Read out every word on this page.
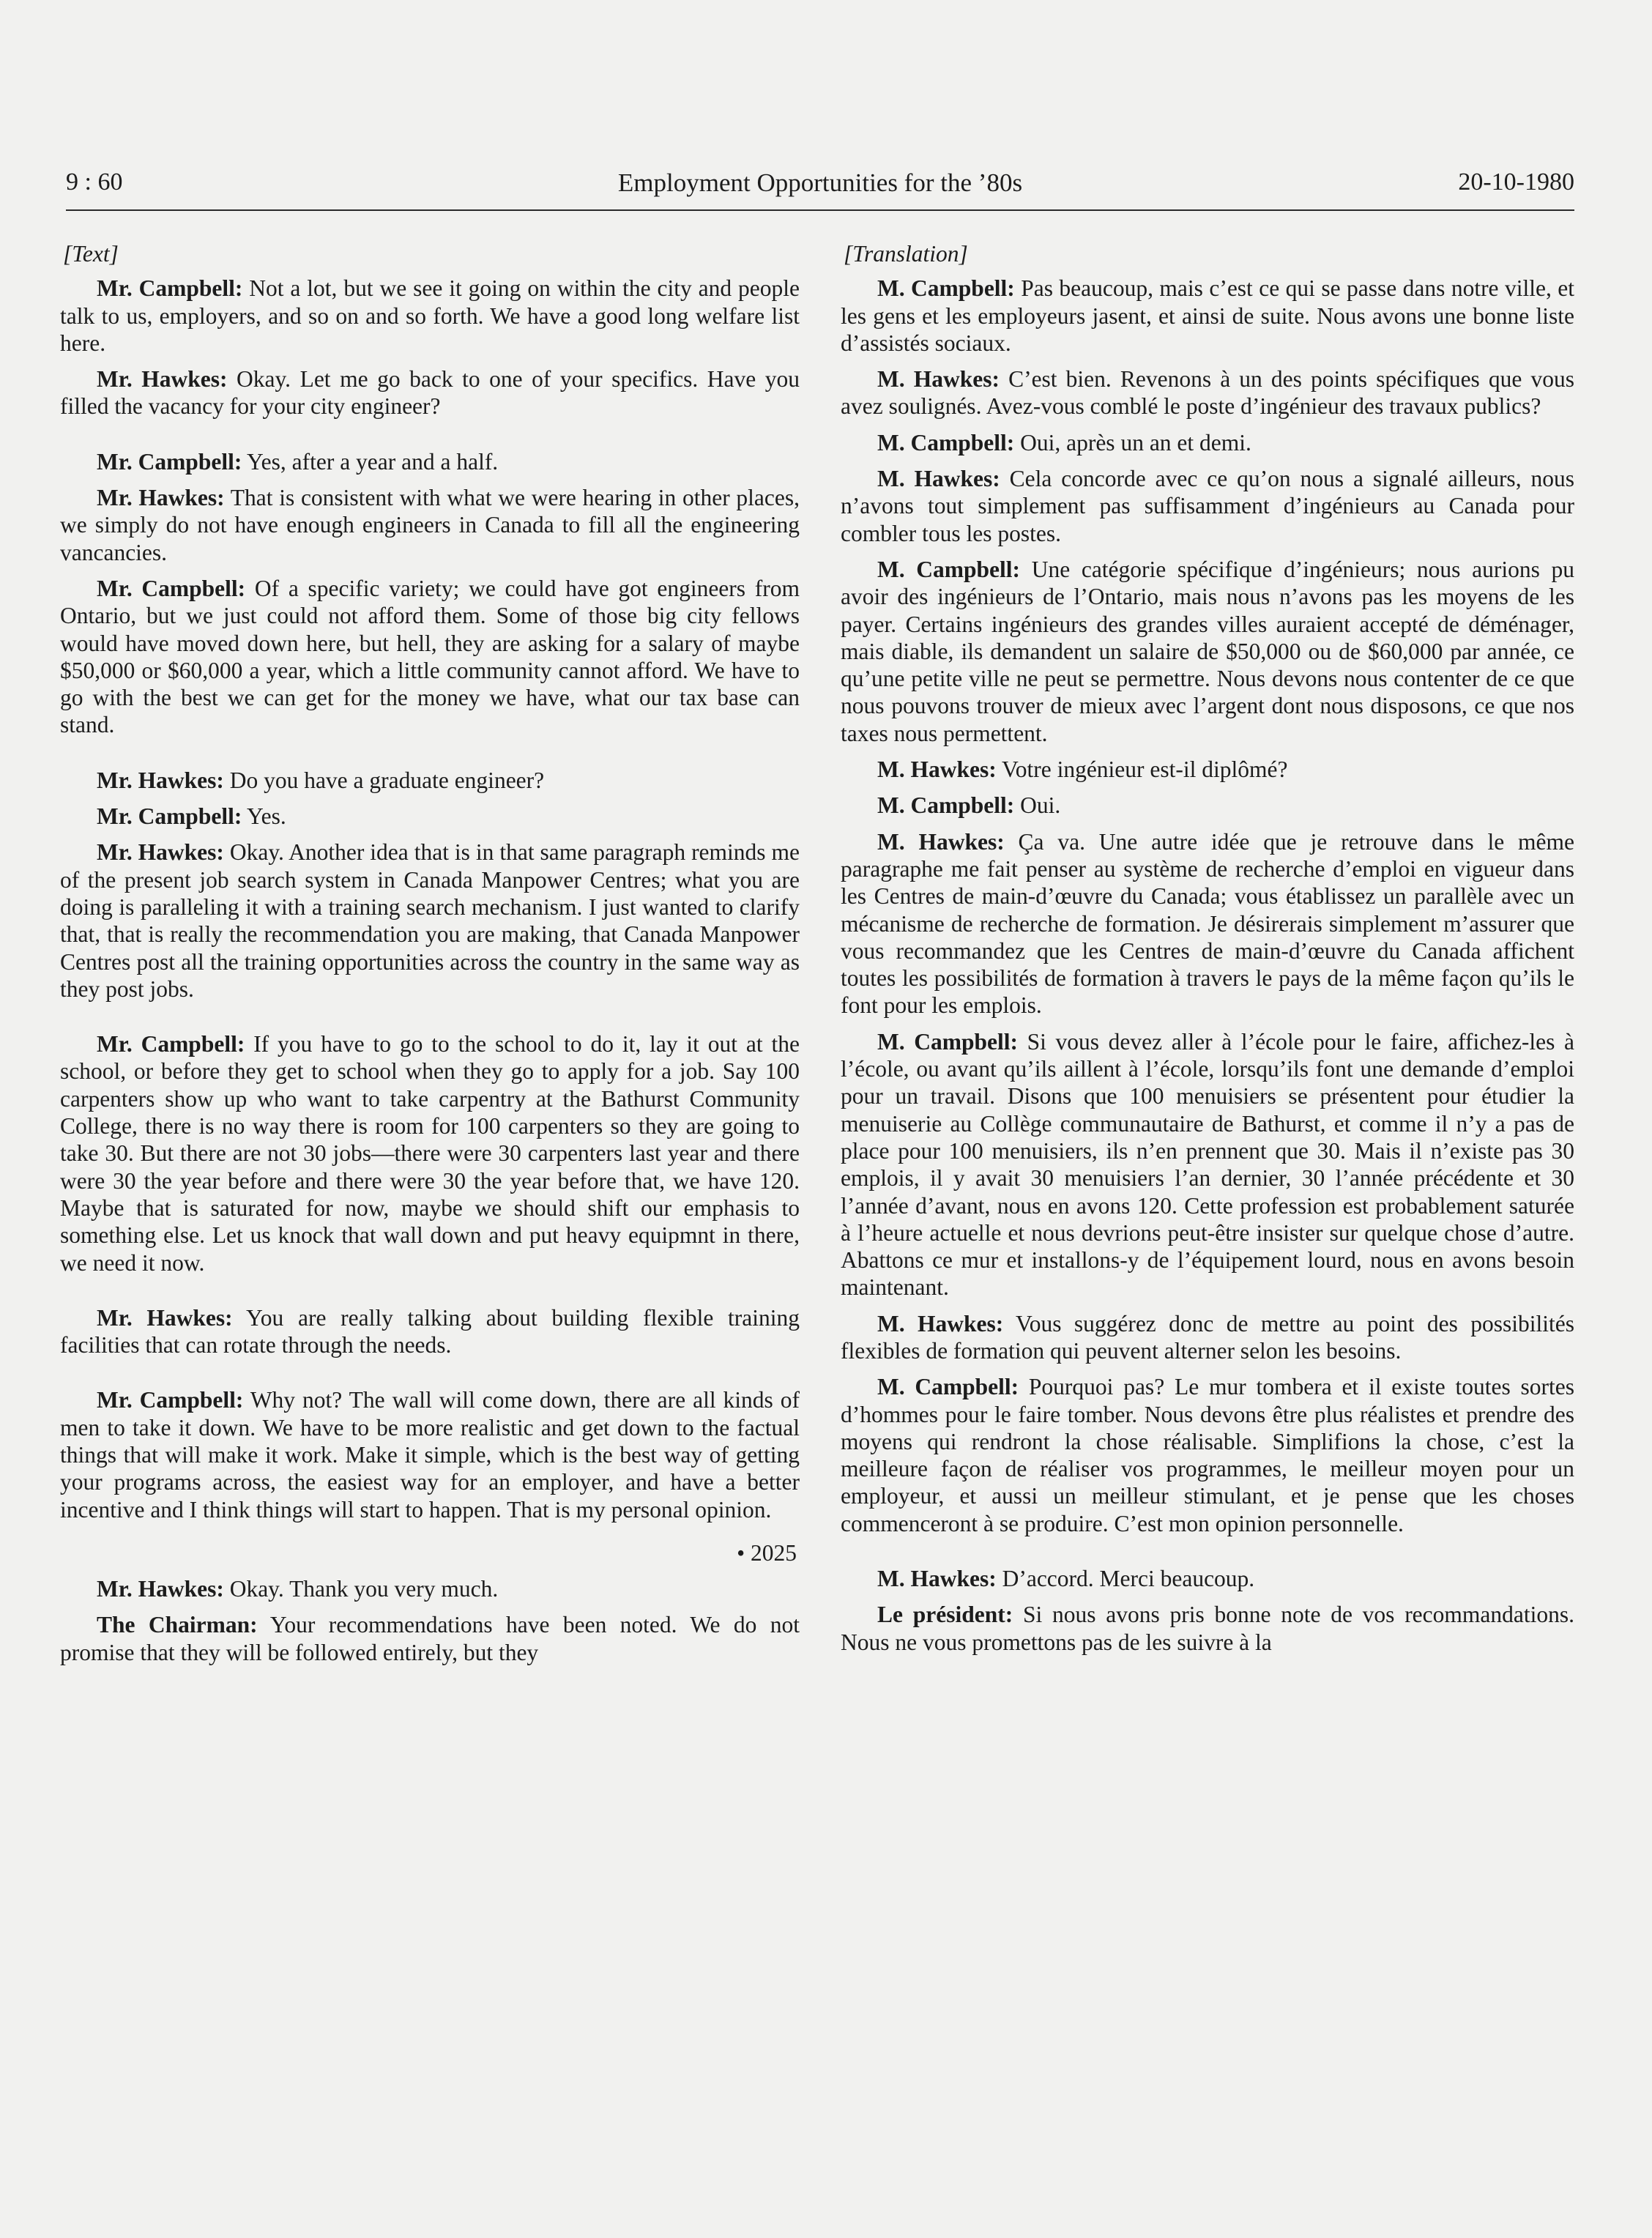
9 : 60	Employment Opportunities for the ’80s	20-10-1980
[Text]

Mr. Campbell: Not a lot, but we see it going on within the city and people talk to us, employers, and so on and so forth. We have a good long welfare list here.

Mr. Hawkes: Okay. Let me go back to one of your specifics. Have you filled the vacancy for your city engineer?

Mr. Campbell: Yes, after a year and a half.

Mr. Hawkes: That is consistent with what we were hearing in other places, we simply do not have enough engineers in Canada to fill all the engineering vancancies.

Mr. Campbell: Of a specific variety; we could have got engineers from Ontario, but we just could not afford them. Some of those big city fellows would have moved down here, but hell, they are asking for a salary of maybe $50,000 or $60,000 a year, which a little community cannot afford. We have to go with the best we can get for the money we have, what our tax base can stand.

Mr. Hawkes: Do you have a graduate engineer?

Mr. Campbell: Yes.

Mr. Hawkes: Okay. Another idea that is in that same paragraph reminds me of the present job search system in Canada Manpower Centres; what you are doing is paralleling it with a training search mechanism. I just wanted to clarify that, that is really the recommendation you are making, that Canada Manpower Centres post all the training opportunities across the country in the same way as they post jobs.

Mr. Campbell: If you have to go to the school to do it, lay it out at the school, or before they get to school when they go to apply for a job. Say 100 carpenters show up who want to take carpentry at the Bathurst Community College, there is no way there is room for 100 carpenters so they are going to take 30. But there are not 30 jobs—there were 30 carpenters last year and there were 30 the year before and there were 30 the year before that, we have 120. Maybe that is saturated for now, maybe we should shift our emphasis to something else. Let us knock that wall down and put heavy equipmnt in there, we need it now.

Mr. Hawkes: You are really talking about building flexible training facilities that can rotate through the needs.

Mr. Campbell: Why not? The wall will come down, there are all kinds of men to take it down. We have to be more realistic and get down to the factual things that will make it work. Make it simple, which is the best way of getting your programs across, the easiest way for an employer, and have a better incentive and I think things will start to happen. That is my personal opinion.

• 2025

Mr. Hawkes: Okay. Thank you very much.

The Chairman: Your recommendations have been noted. We do not promise that they will be followed entirely, but they

[Translation]

M. Campbell: Pas beaucoup, mais c’est ce qui se passe dans notre ville, et les gens et les employeurs jasent, et ainsi de suite. Nous avons une bonne liste d’assistés sociaux.

M. Hawkes: C’est bien. Revenons à un des points spécifiques que vous avez soulignés. Avez-vous comblé le poste d’ingénieur des travaux publics?

M. Campbell: Oui, après un an et demi.

M. Hawkes: Cela concorde avec ce qu’on nous a signalé ailleurs, nous n’avons tout simplement pas suffisamment d’ingénieurs au Canada pour combler tous les postes.

M. Campbell: Une catégorie spécifique d’ingénieurs; nous aurions pu avoir des ingénieurs de l’Ontario, mais nous n’avons pas les moyens de les payer. Certains ingénieurs des grandes villes auraient accepté de déménager, mais diable, ils demandent un salaire de $50,000 ou de $60,000 par année, ce qu’une petite ville ne peut se permettre. Nous devons nous contenter de ce que nous pouvons trouver de mieux avec l’argent dont nous disposons, ce que nos taxes nous permettent.

M. Hawkes: Votre ingénieur est-il diplômé?

M. Campbell: Oui.

M. Hawkes: Ça va. Une autre idée que je retrouve dans le même paragraphe me fait penser au système de recherche d’emploi en vigueur dans les Centres de main-d’œuvre du Canada; vous établissez un parallèle avec un mécanisme de recherche de formation. Je désirerais simplement m’assurer que vous recommandez que les Centres de main-d’œuvre du Canada affichent toutes les possibilités de formation à travers le pays de la même façon qu’ils le font pour les emplois.

M. Campbell: Si vous devez aller à l’école pour le faire, affichez-les à l’école, ou avant qu’ils aillent à l’école, lorsqu’ils font une demande d’emploi pour un travail. Disons que 100 menuisiers se présentent pour étudier la menuiserie au Collège communautaire de Bathurst, et comme il n’y a pas de place pour 100 menuisiers, ils n’en prennent que 30. Mais il n’existe pas 30 emplois, il y avait 30 menuisiers l’an dernier, 30 l’année précédente et 30 l’année d’avant, nous en avons 120. Cette profession est probablement saturée à l’heure actuelle et nous devrions peut-être insister sur quelque chose d’autre. Abattons ce mur et installons-y de l’équipement lourd, nous en avons besoin maintenant.

M. Hawkes: Vous suggérez donc de mettre au point des possibilités flexibles de formation qui peuvent alterner selon les besoins.

M. Campbell: Pourquoi pas? Le mur tombera et il existe toutes sortes d’hommes pour le faire tomber. Nous devons être plus réalistes et prendre des moyens qui rendront la chose réalisable. Simplifions la chose, c’est la meilleure façon de réaliser vos programmes, le meilleur moyen pour un employeur, et aussi un meilleur stimulant, et je pense que les choses commenceront à se produire. C’est mon opinion personnelle.

M. Hawkes: D’accord. Merci beaucoup.

Le président: Si nous avons pris bonne note de vos recommandations. Nous ne vous promettons pas de les suivre à la
